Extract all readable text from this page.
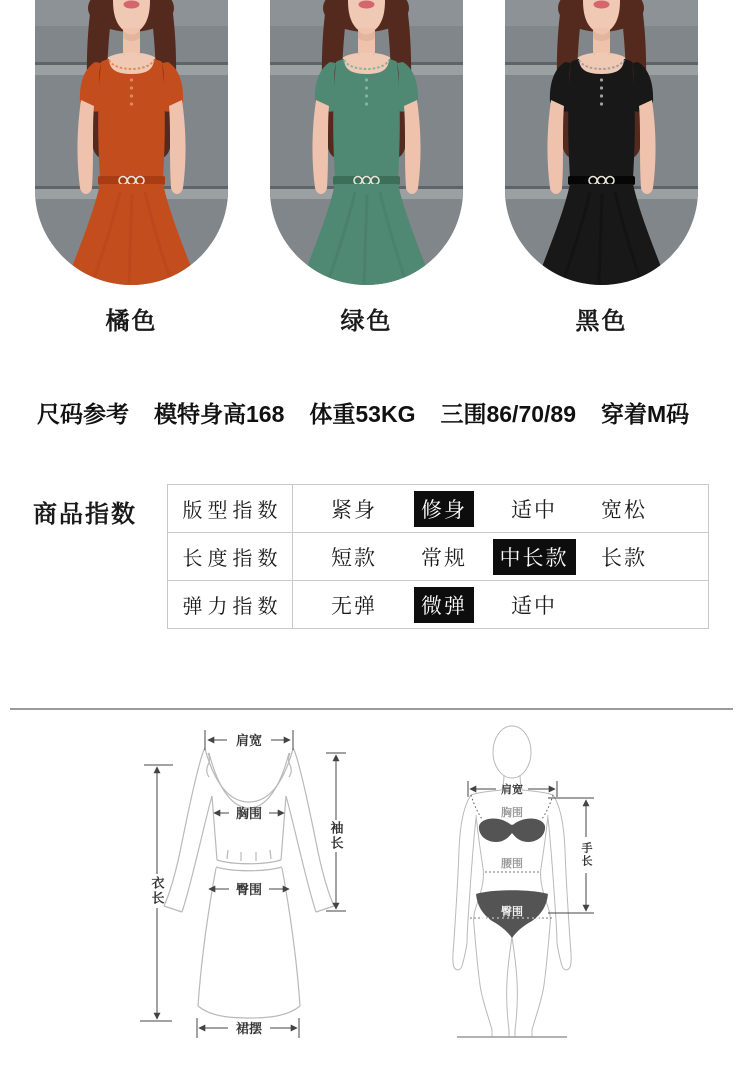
橘色	绿色	黑色
尺码参考 模特身高168 体重53KG 三围86/70/89 穿着M码
商品指数	版型指数	紧身	修身	适中	宽松
长度指数	短款	常规	中长款	长款
弹力指数	无弹	微弹	适中
肩宽
胸围
臀围
裙摆
衣长
袖长
肩宽
胸围
腰围
臀围
手长
